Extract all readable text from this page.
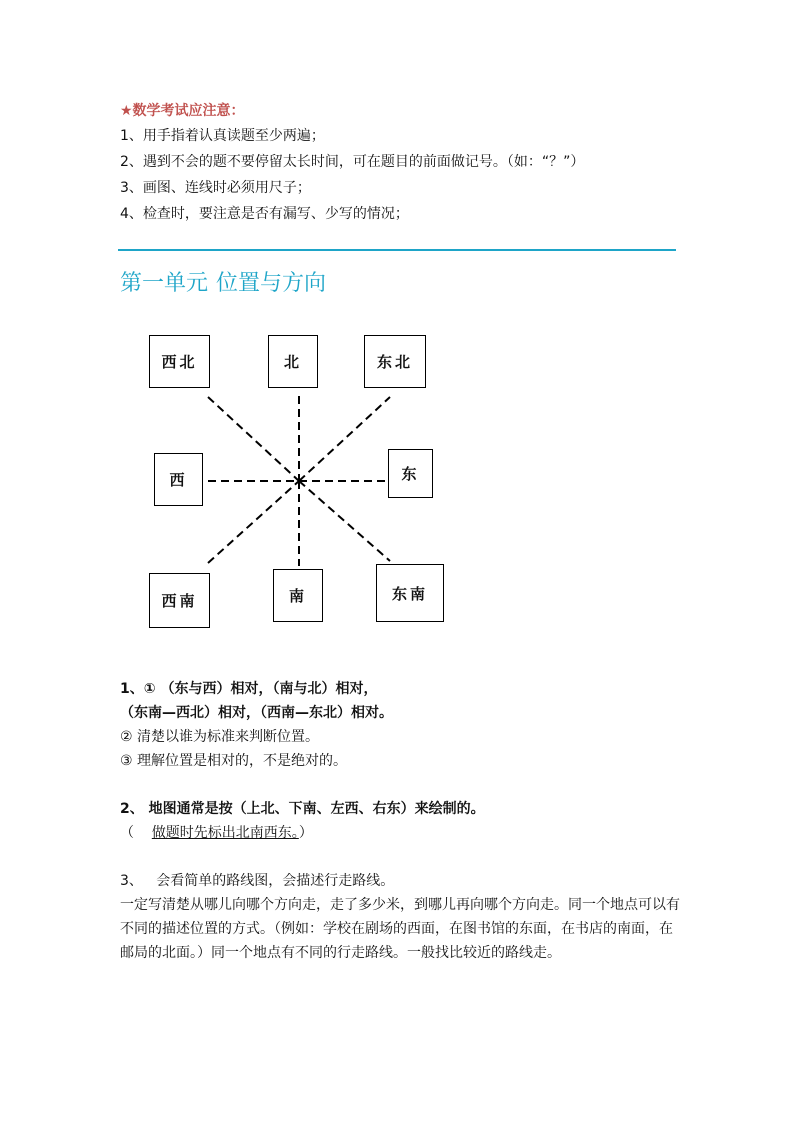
★数学考试应注意：
1、用手指着认真读题至少两遍；
2、遇到不会的题不要停留太长时间，可在题目的前面做记号。（如：“？”）
3、画图、连线时必须用尺子；
4、检查时，要注意是否有漏写、少写的情况；
第一单元 位置与方向
西北	北	东北
西	东
西南	南	东南
1、① （东与西）相对，（南与北）相对，
（东南—西北）相对，（西南—东北）相对。
② 清楚以谁为标准来判断位置。
③ 理解位置是相对的，不是绝对的。
2、 地图通常是按（上北、下南、左西、右东）来绘制的。
（    做题时先标出北南西东。）
3、   会看简单的路线图，会描述行走路线。
一定写清楚从哪儿向哪个方向走，走了多少米，到哪儿再向哪个方向走。同一个地点可以有不同的描述位置的方式。（例如：学校在剧场的西面，在图书馆的东面，在书店的南面，在邮局的北面。）同一个地点有不同的行走路线。一般找比较近的路线走。
